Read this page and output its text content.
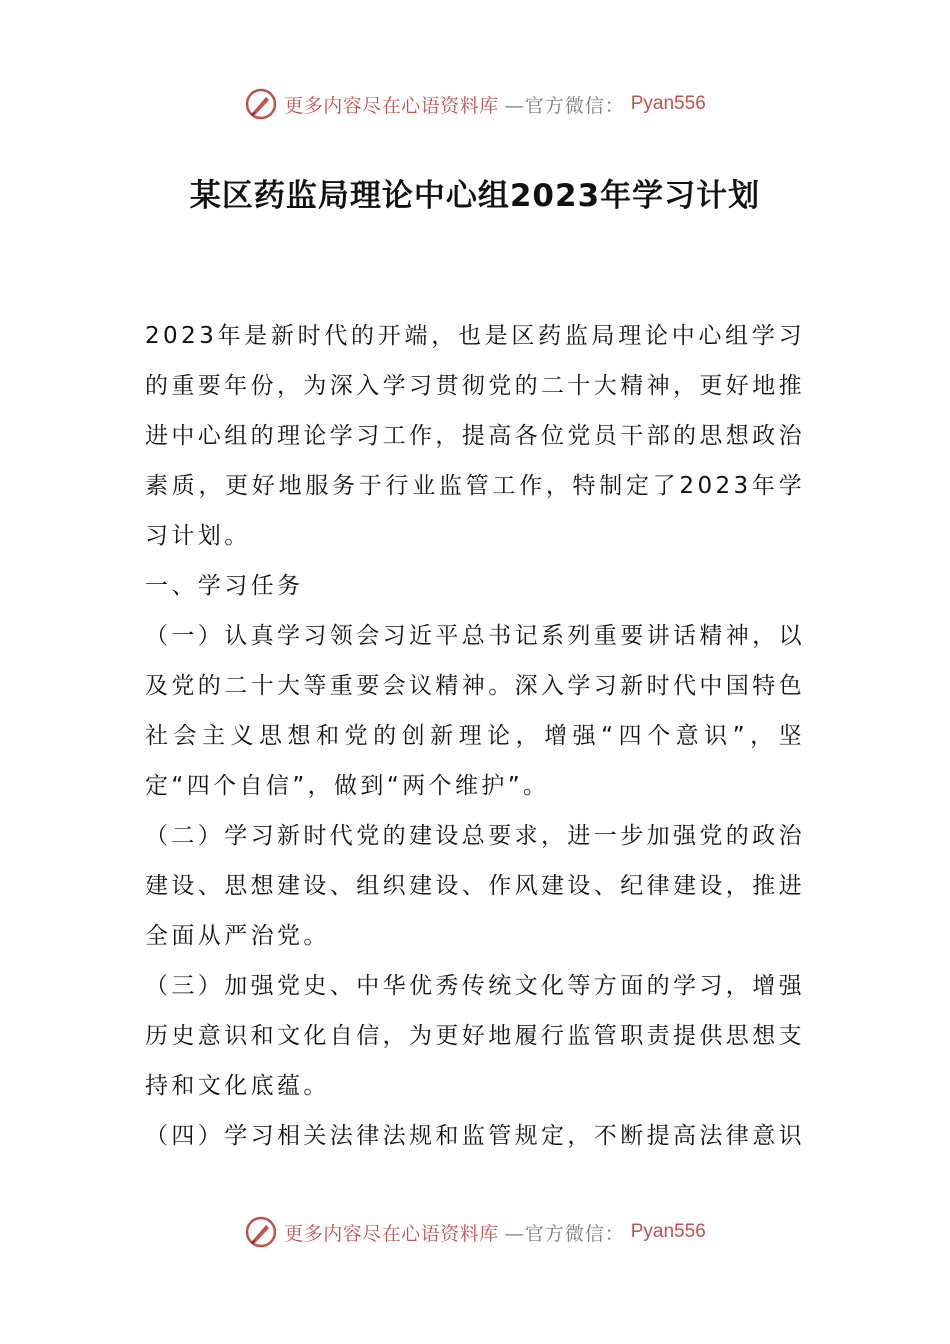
更多内容尽在心语资料库 —官方微信： Pyan556
某区药监局理论中心组2023年学习计划

2023年是新时代的开端，也是区药监局理论中心组学习的重要年份，为深入学习贯彻党的二十大精神，更好地推进中心组的理论学习工作，提高各位党员干部的思想政治素质，更好地服务于行业监管工作，特制定了2023年学习计划。

一、学习任务

（一）认真学习领会习近平总书记系列重要讲话精神，以及党的二十大等重要会议精神。深入学习新时代中国特色社会主义思想和党的创新理论，增强“四个意识”，坚定“四个自信”，做到“两个维护”。

（二）学习新时代党的建设总要求，进一步加强党的政治建设、思想建设、组织建设、作风建设、纪律建设，推进全面从严治党。

（三）加强党史、中华优秀传统文化等方面的学习，增强历史意识和文化自信，为更好地履行监管职责提供思想支持和文化底蕴。

（四）学习相关法律法规和监管规定，不断提高法律意识

更多内容尽在心语资料库 —官方微信： Pyan556
